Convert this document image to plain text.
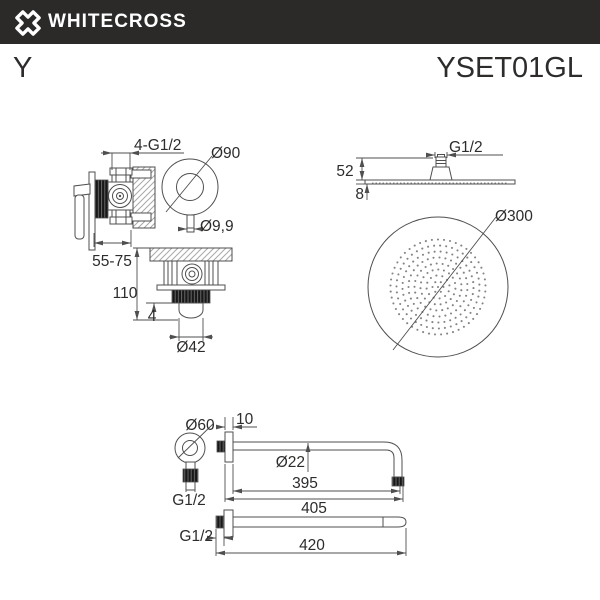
WHITECROSS
Y	YSET01GL
4-G1/2
55-75
Ø90
Ø9,9
110
4
Ø42
G1/2
52
8
Ø300
Ø60
G1/2
10
Ø22
395
405
G1/2
420
